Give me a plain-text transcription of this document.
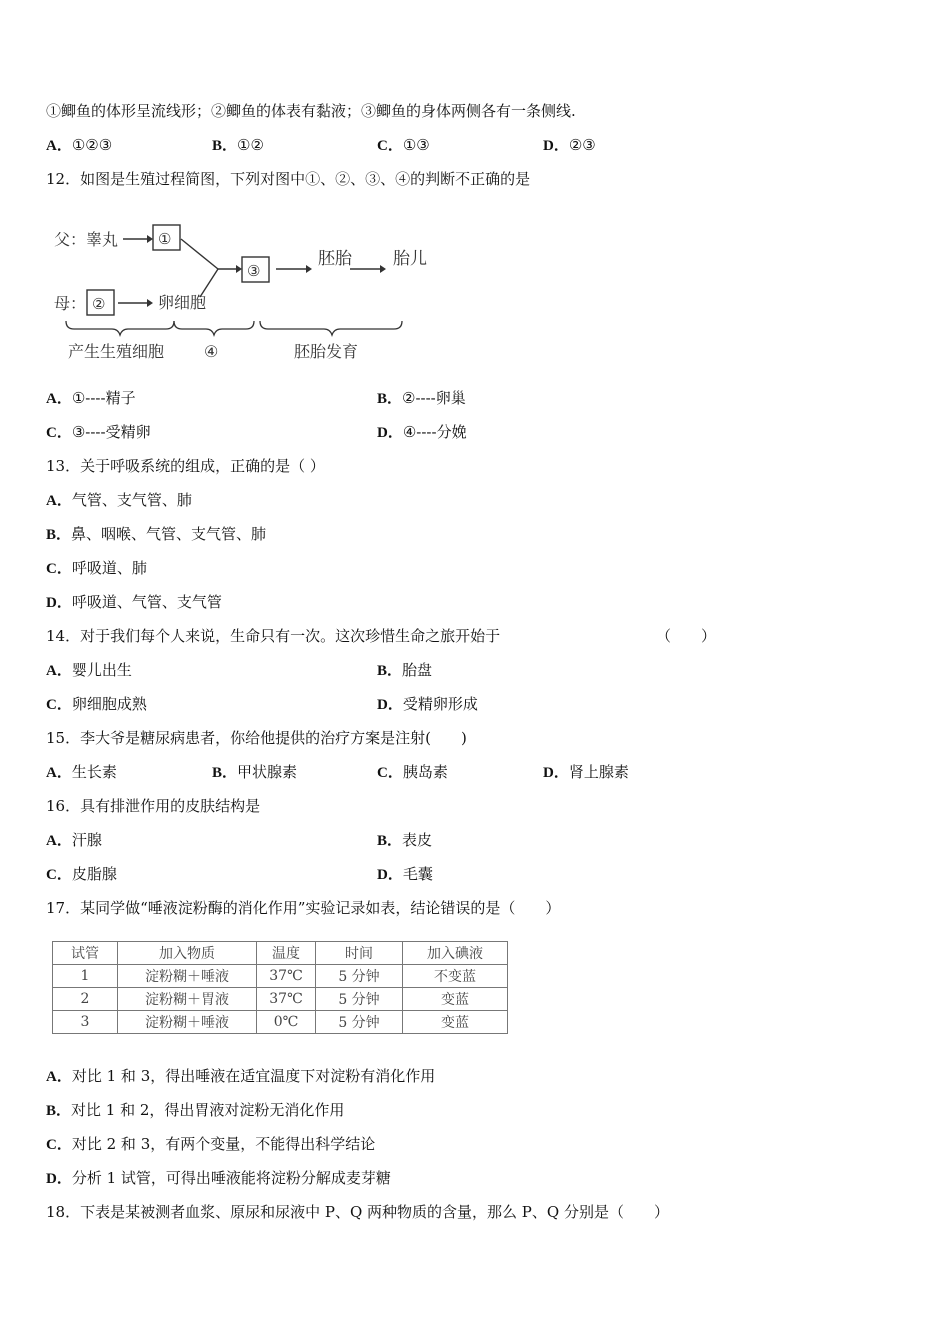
①鲫鱼的体形呈流线形；②鲫鱼的体表有黏液；③鲫鱼的身体两侧各有一条侧线.
A．①②③	B．①②	C．①③	D．②③
12．如图是生殖过程简图，下列对图中①、②、③、④的判断不正确的是
父：睾丸
母：	卵细胞
胚胎 胎儿
产生生殖细胞 ④	胚胎发育
①
②
③
A．①----精子	B．②----卵巢
C．③----受精卵	D．④----分娩
13．关于呼吸系统的组成，正确的是（ ）
A．气管、支气管、肺
B．鼻、咽喉、气管、支气管、肺
C．呼吸道、肺
D．呼吸道、气管、支气管
14．对于我们每个人来说，生命只有一次。这次珍惜生命之旅开始于	（　　）
A．婴儿出生	B．胎盘
C．卵细胞成熟	D．受精卵形成
15．李大爷是糖尿病患者，你给他提供的治疗方案是注射(　　)
A．生长素	B．甲状腺素	C．胰岛素	D．肾上腺素
16．具有排泄作用的皮肤结构是
A．汗腺	B．表皮
C．皮脂腺	D．毛囊
17．某同学做“唾液淀粉酶的消化作用”实验记录如表，结论错误的是（　　）
试管	加入物质	温度	时间	加入碘液
1	淀粉糊＋唾液	37℃	5 分钟	不变蓝
2	淀粉糊＋胃液	37℃	5 分钟	变蓝
3	淀粉糊＋唾液	0℃	5 分钟	变蓝
A．对比 1 和 3，得出唾液在适宜温度下对淀粉有消化作用
B．对比 1 和 2，得出胃液对淀粉无消化作用
C．对比 2 和 3，有两个变量，不能得出科学结论
D．分析 1 试管，可得出唾液能将淀粉分解成麦芽糖
18．下表是某被测者血浆、原尿和尿液中 P、Q 两种物质的含量，那么 P、Q 分别是（　　）
